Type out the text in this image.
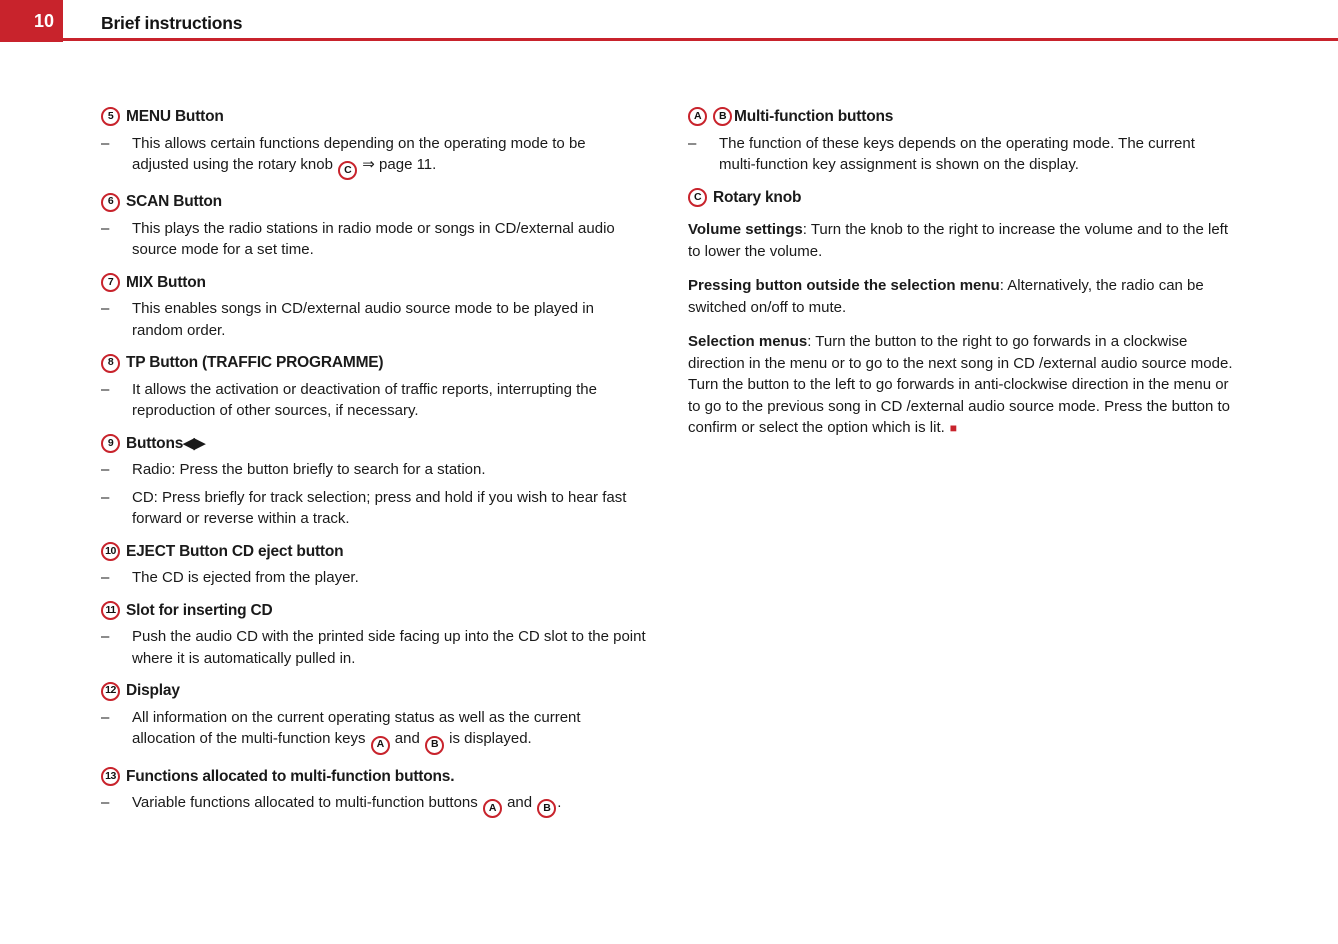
10	Brief instructions
5 MENU Button
–	This allows certain functions depending on the operating mode to be adjusted using the rotary knob C ⇒ page 11.
6 SCAN Button
–	This plays the radio stations in radio mode or songs in CD/external audio source mode for a set time.
7 MIX Button
–	This enables songs in CD/external audio source mode to be played in random order.
8 TP Button (TRAFFIC PROGRAMME)
–	It allows the activation or deactivation of traffic reports, interrupting the reproduction of other sources, if necessary.
9 Buttons ◀▶
–	Radio: Press the button briefly to search for a station.
–	CD: Press briefly for track selection; press and hold if you wish to hear fast forward or reverse within a track.
10 EJECT Button CD eject button
–	The CD is ejected from the player.
11 Slot for inserting CD
–	Push the audio CD with the printed side facing up into the CD slot to the point where it is automatically pulled in.
12 Display
–	All information on the current operating status as well as the current allocation of the multi-function keys A and B is displayed.
13 Functions allocated to multi-function buttons.
–	Variable functions allocated to multi-function buttons A and B .
A	B Multi-function buttons
–	The function of these keys depends on the operating mode. The current multi-function key assignment is shown on the display.
C Rotary knob

Volume settings: Turn the knob to the right to increase the volume and to the left to lower the volume.

Pressing button outside the selection menu: Alternatively, the radio can be switched on/off to mute.

Selection menus: Turn the button to the right to go forwards in a clockwise direction in the menu or to go to the next song in CD /external audio source mode. Turn the button to the left to go forwards in anti-clockwise direction in the menu or to go to the previous song in CD /external audio source mode. Press the button to confirm or select the option which is lit. ■
